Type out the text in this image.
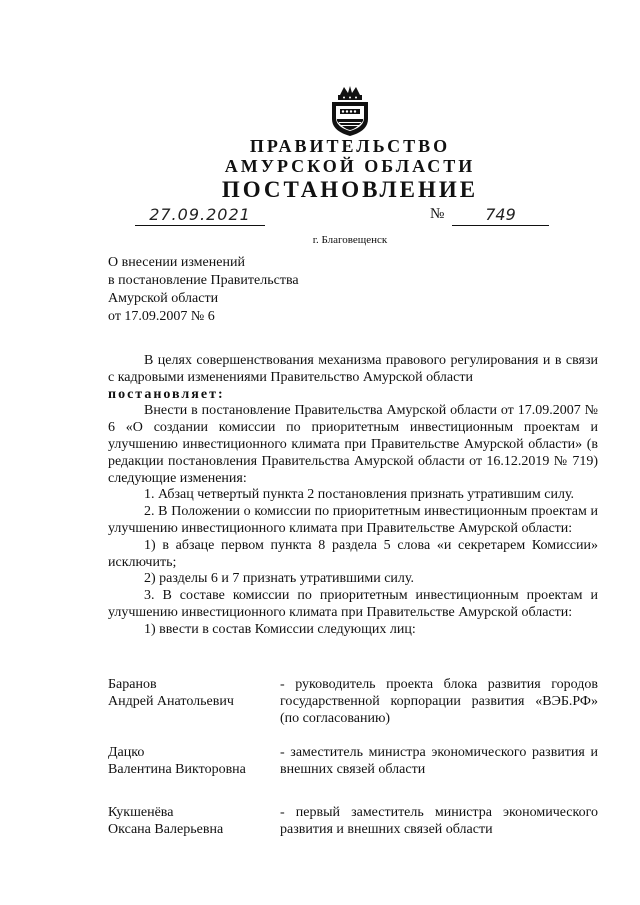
ПРАВИТЕЛЬСТВО
АМУРСКОЙ ОБЛАСТИ
ПОСТАНОВЛЕНИЕ
27.09.2021	№	749
г. Благовещенск
О внесении изменений
в постановление Правительства
Амурской области
от 17.09.2007 № 6
В целях совершенствования механизма правового регулирования и в связи с кадровыми изменениями Правительство Амурской области
постановляет:
Внести в постановление Правительства Амурской области от 17.09.2007 № 6 «О создании комиссии по приоритетным инвестиционным проектам и улучшению инвестиционного климата при Правительстве Амурской области» (в редакции постановления Правительства Амурской области от 16.12.2019 № 719) следующие изменения:
1. Абзац четвертый пункта 2 постановления признать утратившим силу.
2. В Положении о комиссии по приоритетным инвестиционным проектам и улучшению инвестиционного климата при Правительстве Амурской области:
1) в абзаце первом пункта 8 раздела 5 слова «и секретарем Комиссии» исключить;
2) разделы 6 и 7 признать утратившими силу.
3. В составе комиссии по приоритетным инвестиционным проектам и улучшению инвестиционного климата при Правительстве Амурской области:
1) ввести в состав Комиссии следующих лиц:
Баранов
Андрей Анатольевич
- руководитель проекта блока развития городов государственной корпорации развития «ВЭБ.РФ» (по согласованию)
Дацко
Валентина Викторовна
- заместитель министра экономического развития и внешних связей области
Кукшенёва
Оксана Валерьевна
- первый заместитель министра экономического развития и внешних связей области
